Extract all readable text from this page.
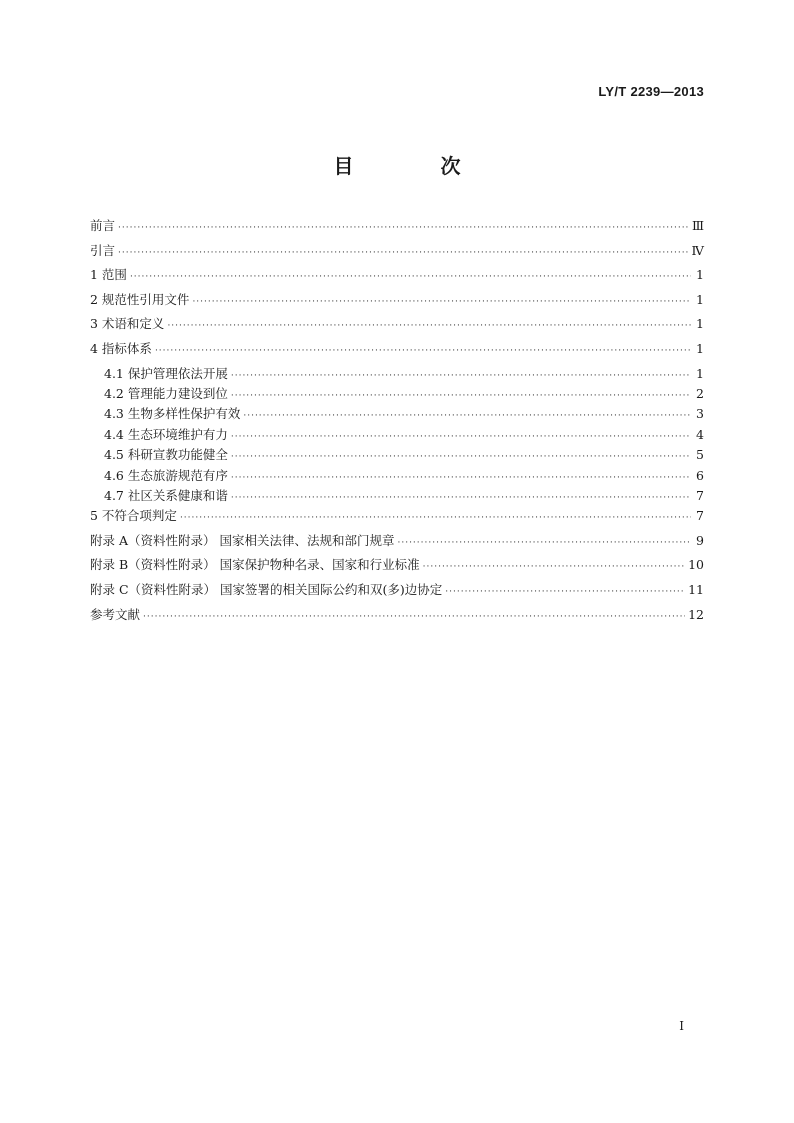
LY/T 2239—2013
目 次
前言 ·····	Ⅲ
引言 ·····	Ⅳ
1 范围 ·····	1
2 规范性引用文件 ·····	1
3 术语和定义 ·····	1
4 指标体系 ·····	1
4.1 保护管理依法开展 ·····	1
4.2 管理能力建设到位 ·····	2
4.3 生物多样性保护有效 ·····	3
4.4 生态环境维护有力 ·····	4
4.5 科研宣教功能健全 ·····	5
4.6 生态旅游规范有序 ·····	6
4.7 社区关系健康和谐 ·····	7
5 不符合项判定 ·····	7
附录 A（资料性附录） 国家相关法律、法规和部门规章 ·····	9
附录 B（资料性附录） 国家保护物种名录、国家和行业标准 ·····	10
附录 C（资料性附录） 国家签署的相关国际公约和双(多)边协定 ·····	11
参考文献 ·····	12
I
